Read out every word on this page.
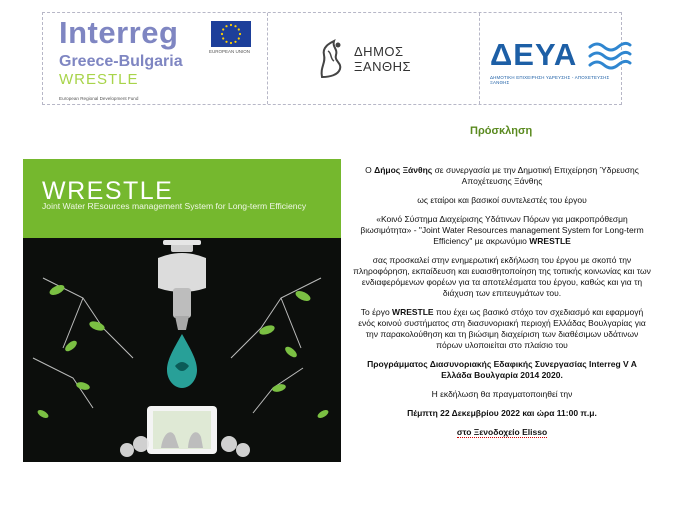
Interreg
EUROPEAN UNION
Greece-Bulgaria
WRESTLE
European Regional Development Fund
ΔΗΜΟΣ
ΞΑΝΘΗΣ	ΔΕΥΑ
ΔΗΜΟΤΙΚΗ ΕΠΙΧΕΙΡΗΣΗ ΥΔΡΕΥΣΗΣ - ΑΠΟΧΕΤΕΥΣΗΣ ΞΑΝΘΗΣ
Πρόσκληση
WRESTLE
Joint Water REsources management System for Long-term Efficiency

Ο Δήμος Ξάνθης σε συνεργασία με την Δημοτική Επιχείρηση Ύδρευσης Αποχέτευσης Ξάνθης

ως εταίροι και βασικοί συντελεστές του έργου

«Κοινό Σύστημα Διαχείρισης Υδάτινων Πόρων για μακροπρόθεσμη βιωσιμότητα» - "Joint Water Resources management System for Long-term Efficiency" με ακρωνύμιο WRESTLE

σας προσκαλεί στην ενημερωτική εκδήλωση του έργου με σκοπό την πληροφόρηση, εκπαίδευση και ευαισθητοποίηση της τοπικής κοινωνίας και των ενδιαφερόμενων φορέων για τα αποτελέσματα του έργου, καθώς και για τη διάχυση των επιτευγμάτων του.

Το έργο WRESTLE που έχει ως βασικό στόχο τον σχεδιασμό και εφαρμογή ενός κοινού συστήματος στη διασυνοριακή περιοχή Ελλάδας Βουλγαρίας για την παρακολούθηση και τη βιώσιμη διαχείριση των διαθέσιμων υδάτινων πόρων υλοποιείται στο πλαίσιο του

Προγράμματος Διασυνοριακής Εδαφικής Συνεργασίας Interreg V A Ελλάδα Βουλγαρία 2014 2020.

Η εκδήλωση θα πραγματοποιηθεί την

Πέμπτη 22 Δεκεμβρίου 2022 και ώρα 11:00 π.μ.

στο Ξενοδοχείο Elisso
